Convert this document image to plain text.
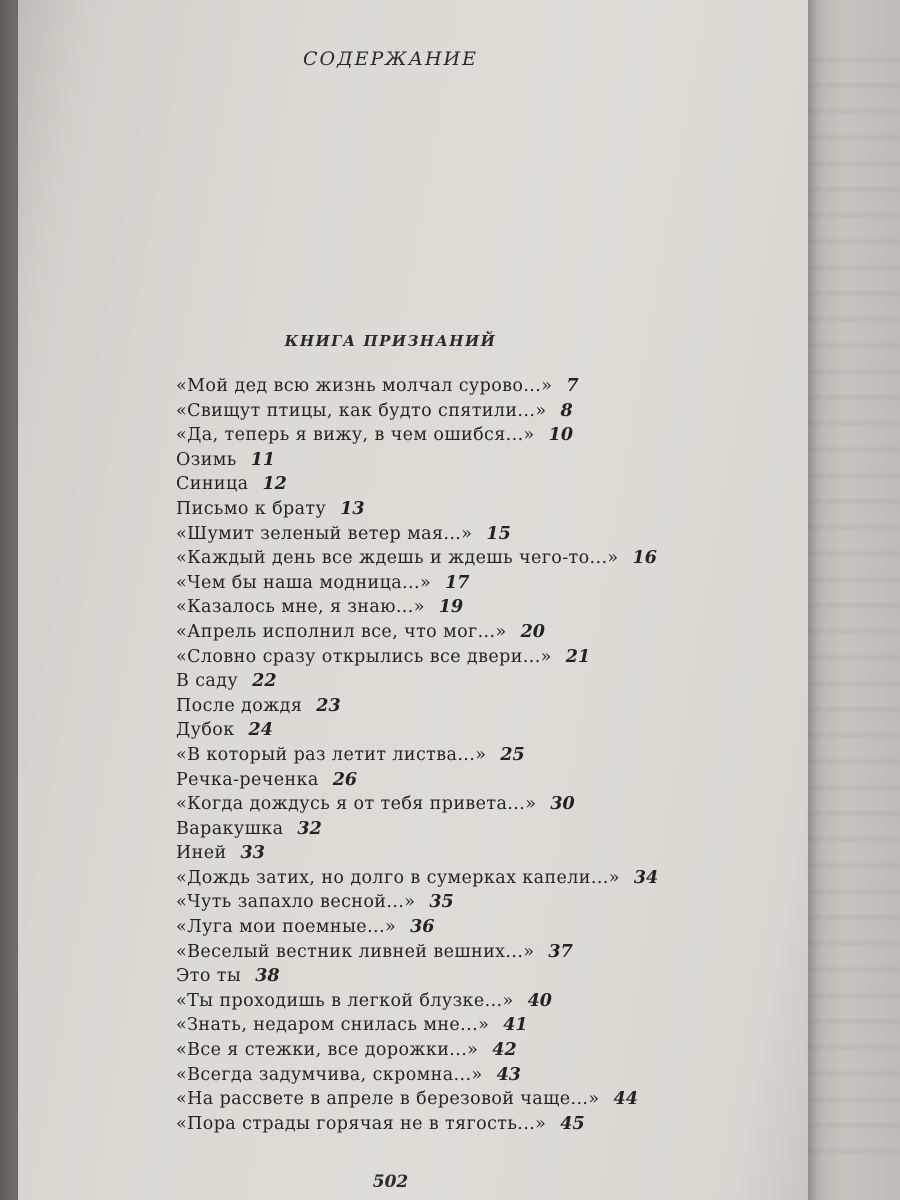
СОДЕРЖАНИЕ
КНИГА ПРИЗНАНИЙ
«Мой дед всю жизнь молчал сурово...» 7
«Свищут птицы, как будто спятили...» 8
«Да, теперь я вижу, в чем ошибся...» 10
Озимь 11
Синица 12
Письмо к брату 13
«Шумит зеленый ветер мая...» 15
«Каждый день все ждешь и ждешь чего-то...» 16
«Чем бы наша модница...» 17
«Казалось мне, я знаю...» 19
«Апрель исполнил все, что мог...» 20
«Словно сразу открылись все двери...» 21
В саду 22
После дождя 23
Дубок 24
«В который раз летит листва...» 25
Речка-реченка 26
«Когда дождусь я от тебя привета...» 30
Варакушка 32
Иней 33
«Дождь затих, но долго в сумерках капели...» 34
«Чуть запахло весной...» 35
«Луга мои поемные...» 36
«Веселый вестник ливней вешних...» 37
Это ты 38
«Ты проходишь в легкой блузке...» 40
«Знать, недаром снилась мне...» 41
«Все я стежки, все дорожки...» 42
«Всегда задумчива, скромна...» 43
«На рассвете в апреле в березовой чаще...» 44
«Пора страды горячая не в тягость...» 45
502
